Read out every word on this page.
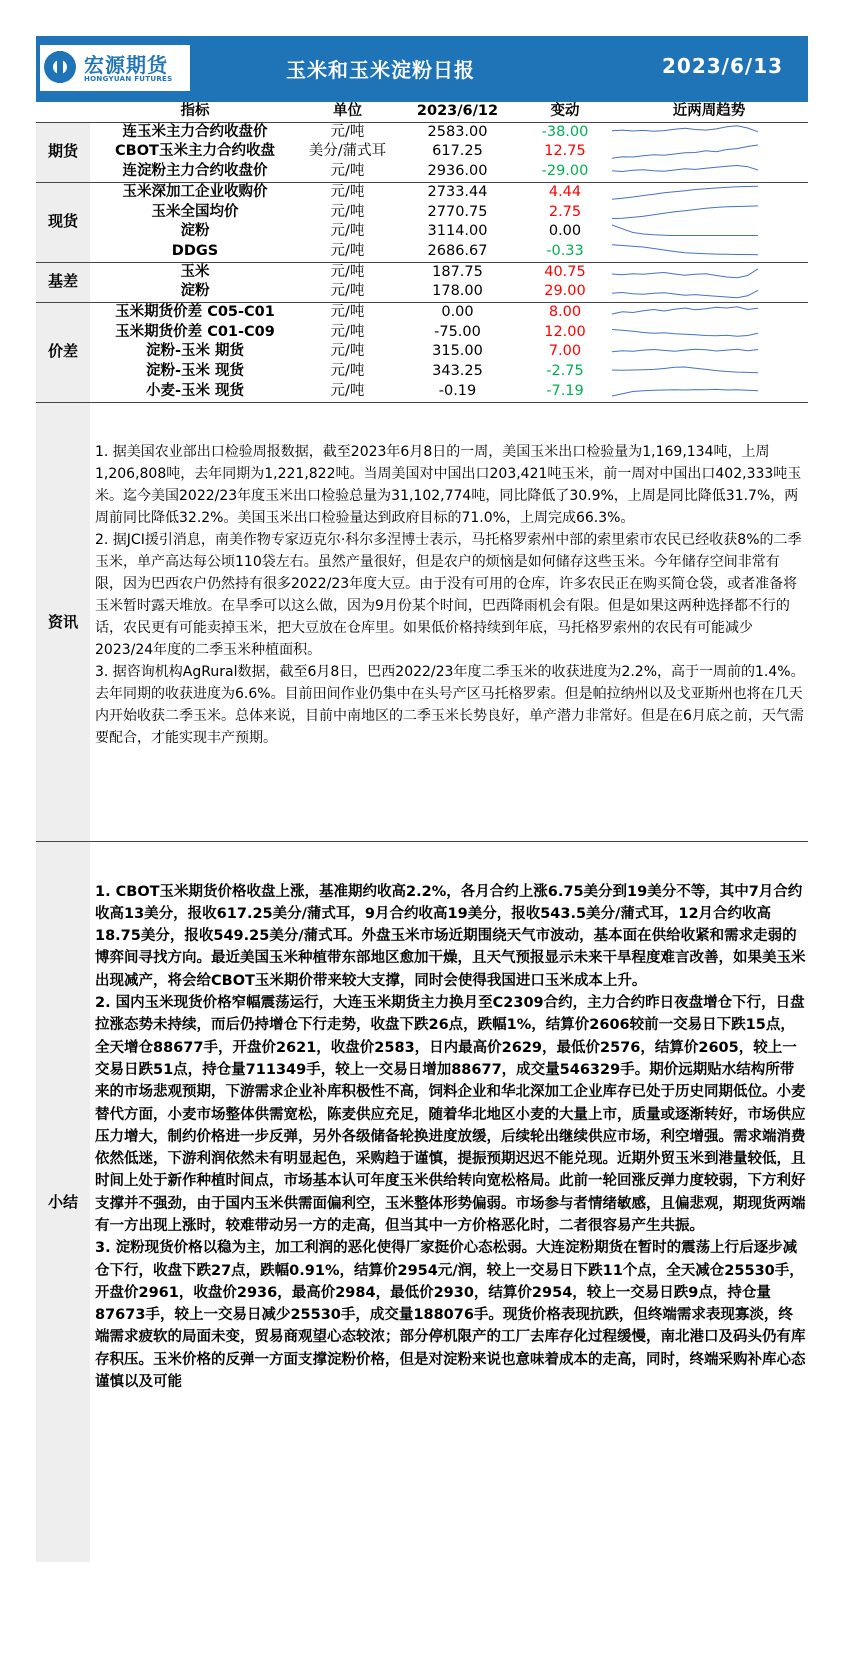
宏源期货
HONGYUAN FUTURES	玉米和玉米淀粉日报	2023/6/13
	指标	单位	2023/6/12	变动	近两周趋势
期货	连玉米主力合约收盘价	元/吨	2583.00	-38.00	

	CBOT玉米主力合约收盘	美分/蒲式耳	617.25	12.75	

	连淀粉主力合约收盘价	元/吨	2936.00	-29.00	

现货	玉米深加工企业收购价	元/吨	2733.44	4.44	

	玉米全国均价	元/吨	2770.75	2.75	

	淀粉	元/吨	3114.00	0.00	

	DDGS	元/吨	2686.67	-0.33	

基差	玉米	元/吨	187.75	40.75	

	淀粉	元/吨	178.00	29.00	

价差	玉米期货价差 C05-C01	元/吨	0.00	8.00	

	玉米期货价差 C01-C09	元/吨	-75.00	12.00	

	淀粉-玉米 期货	元/吨	315.00	7.00	

	淀粉-玉米 现货	元/吨	343.25	-2.75	

	小麦-玉米 现货	元/吨	-0.19	-7.19	
资讯
1. 据美国农业部出口检验周报数据，截至2023年6月8日的一周，美国玉米出口检验量为1,169,134吨，上周1,206,808吨，去年同期为1,221,822吨。当周美国对中国出口203,421吨玉米，前一周对中国出口402,333吨玉米。迄今美国2022/23年度玉米出口检验总量为31,102,774吨，同比降低了30.9%，上周是同比降低31.7%，两周前同比降低32.2%。美国玉米出口检验量达到政府目标的71.0%，上周完成66.3%。
2. 据JCI援引消息，南美作物专家迈克尔·科尔多涅博士表示，马托格罗索州中部的索里索市农民已经收获8%的二季玉米，单产高达每公顷110袋左右。虽然产量很好，但是农户的烦恼是如何储存这些玉米。今年储存空间非常有限，因为巴西农户仍然持有很多2022/23年度大豆。由于没有可用的仓库，许多农民正在购买简仓袋，或者准备将玉米暂时露天堆放。在旱季可以这么做，因为9月份某个时间，巴西降雨机会有限。但是如果这两种选择都不行的话，农民更有可能卖掉玉米，把大豆放在仓库里。如果低价格持续到年底，马托格罗索州的农民有可能减少2023/24年度的二季玉米种植面积。
3. 据咨询机构AgRural数据，截至6月8日，巴西2022/23年度二季玉米的收获进度为2.2%，高于一周前的1.4%。去年同期的收获进度为6.6%。目前田间作业仍集中在头号产区马托格罗索。但是帕拉纳州以及戈亚斯州也将在几天内开始收获二季玉米。总体来说，目前中南地区的二季玉米长势良好，单产潜力非常好。但是在6月底之前，天气需要配合，才能实现丰产预期。
小结
1. CBOT玉米期货价格收盘上涨，基准期约收高2.2%，各月合约上涨6.75美分到19美分不等，其中7月合约收高13美分，报收617.25美分/蒲式耳，9月合约收高19美分，报收543.5美分/蒲式耳，12月合约收高18.75美分，报收549.25美分/蒲式耳。外盘玉米市场近期围绕天气市波动，基本面在供给收紧和需求走弱的博弈间寻找方向。最近美国玉米种植带东部地区愈加干燥，且天气预报显示未来干旱程度难言改善，如果美玉米出现减产，将会给CBOT玉米期价带来较大支撑，同时会使得我国进口玉米成本上升。
2. 国内玉米现货价格窄幅震荡运行，大连玉米期货主力换月至C2309合约，主力合约昨日夜盘增仓下行，日盘拉涨态势未持续，而后仍持增仓下行走势，收盘下跌26点，跌幅1%，结算价2606较前一交易日下跌15点，全天增仓88677手，开盘价2621，收盘价2583，日内最高价2629，最低价2576，结算价2605，较上一交易日跌51点，持仓量711349手，较上一交易日增加88677，成交量546329手。期价远期贴水结构所带来的市场悲观预期，下游需求企业补库积极性不高，饲料企业和华北深加工企业库存已处于历史同期低位。小麦替代方面，小麦市场整体供需宽松，陈麦供应充足，随着华北地区小麦的大量上市，质量或逐渐转好，市场供应压力增大，制约价格进一步反弹，另外各级储备轮换进度放缓，后续轮出继续供应市场，利空增强。需求端消费依然低迷，下游利润依然未有明显起色，采购趋于谨慎，提振预期迟迟不能兑现。近期外贸玉米到港量较低，且时间上处于新作种植时间点，市场基本认可年度玉米供给转向宽松格局。此前一轮回涨反弹力度较弱，下方利好支撑并不强劲，由于国内玉米供需面偏利空，玉米整体形势偏弱。市场参与者情绪敏感，且偏悲观，期现货两端有一方出现上涨时，较难带动另一方的走高，但当其中一方价格恶化时，二者很容易产生共振。
3. 淀粉现货价格以稳为主，加工利润的恶化使得厂家挺价心态松弱。大连淀粉期货在暂时的震荡上行后逐步减仓下行，收盘下跌27点，跌幅0.91%，结算价2954元/润，较上一交易日下跌11个点，全天减仓25530手，开盘价2961，收盘价2936，最高价2984，最低价2930，结算价2954，较上一交易日跌9点，持仓量87673手，较上一交易日减少25530手，成交量188076手。现货价格表现抗跌，但终端需求表现寡淡，终端需求疲软的局面未变，贸易商观望心态较浓；部分停机限产的工厂去库存化过程缓慢，南北港口及码头仍有库存积压。玉米价格的反弹一方面支撑淀粉价格，但是对淀粉来说也意味着成本的走高，同时，终端采购补库心态谨慎以及可能
